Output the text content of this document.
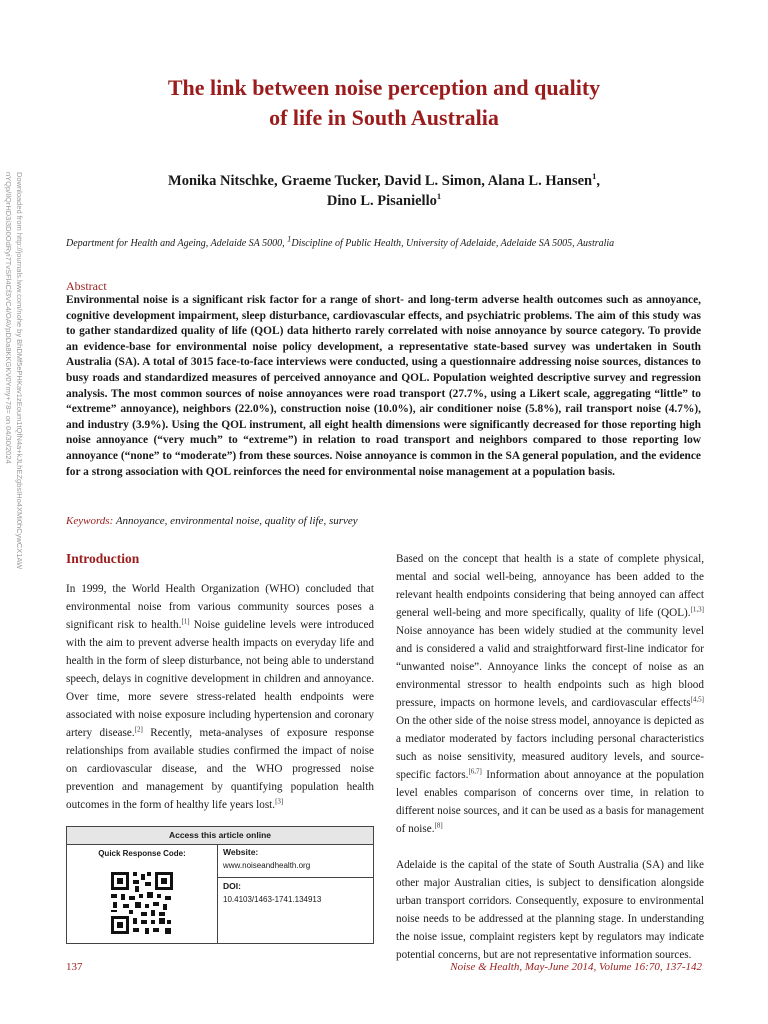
The link between noise perception and quality
of life in South Australia
Monika Nitschke, Graeme Tucker, David L. Simon, Alana L. Hansen$^1$,
Dino L. Pisaniello$^1$

Department for Health and Ageing, Adelaide SA 5000, $^1$Discipline of Public Health, University of Adelaide, Adelaide SA 5005, Australia

Abstract

Environmental noise is a significant risk factor for a range of short- and long-term adverse health outcomes such as annoyance, cognitive development impairment, sleep disturbance, cardiovascular effects, and psychiatric problems. The aim of this study was to gather standardized quality of life (QOL) data hitherto rarely correlated with noise annoyance by source category. To provide an evidence-base for environmental noise policy development, a representative state-based survey was undertaken in South Australia (SA). A total of 3015 face-to-face interviews were conducted, using a questionnaire addressing noise sources, distances to busy roads and standardized measures of perceived annoyance and QOL. Population weighted descriptive survey and regression analysis. The most common sources of noise annoyances were road transport (27.7%, using a Likert scale, aggregating “little” to “extreme” annoyance), neighbors (22.0%), construction noise (10.0%), air conditioner noise (5.8%), rail transport noise (4.7%), and industry (3.9%). Using the QOL instrument, all eight health dimensions were significantly decreased for those reporting high noise annoyance (“very much” to “extreme”) in relation to road transport and neighbors compared to those reporting low annoyance (“none” to “moderate”) from these sources. Noise annoyance is common in the SA general population, and the evidence for a strong association with QOL reinforces the need for environmental noise management at a population basis.

Keywords: Annoyance, environmental noise, quality of life, survey

Introduction

In 1999, the World Health Organization (WHO) concluded that environmental noise from various community sources poses a significant risk to health.[1] Noise guideline levels were introduced with the aim to prevent adverse health impacts on everyday life and health in the form of sleep disturbance, not being able to understand speech, delays in cognitive development in children and annoyance. Over time, more severe stress-related health endpoints were associated with noise exposure including hypertension and coronary artery disease.[2] Recently, meta-analyses of exposure response relationships from available studies confirmed the impact of noise on cardiovascular disease, and the WHO progressed noise prevention and management by quantifying population health outcomes in the form of healthy life years lost.[3]

Based on the concept that health is a state of complete physical, mental and social well-being, annoyance has been added to the relevant health endpoints considering that being annoyed can affect general well-being and more specifically, quality of life (QOL).[1,3] Noise annoyance has been widely studied at the community level and is considered a valid and straightforward first-line indicator for “unwanted noise”. Annoyance links the concept of noise as an environmental stressor to health endpoints such as high blood pressure, impacts on hormone levels, and cardiovascular effects[4,5] On the other side of the noise stress model, annoyance is depicted as a mediator moderated by factors including personal characteristics such as noise sensitivity, measured auditory levels, and source-specific factors.[6,7] Information about annoyance at the population level enables comparison of concerns over time, in relation to different noise sources, and it can be used as a basis for management of noise.[8]

Adelaide is the capital of the state of South Australia (SA) and like other major Australian cities, is subject to densification alongside urban transport corridors. Consequently, exposure to environmental noise needs to be addressed at the planning stage. In understanding the noise issue, complaint registers kept by regulators may indicate potential concerns, but are not representative information sources.

Access this article online
Quick Response Code:	Website:
www.noiseandhealth.org
DOI:
10.4103/1463-1741.134913

137	Noise & Health, May-June 2014, Volume 16:70, 137-142

Downloaded from http://journals.lww.com/nohe by BhDMf5ePHKav1zEoum1tQfN4a+kJLhEZgbsIHo4XMi0hCywCX1AW
nYQp/IlQrHD3i3D0OdRyi7TvSFl4Cf3VC4/OAVpDDa8KKGKV0Ymy+78= on 04/30/2024
